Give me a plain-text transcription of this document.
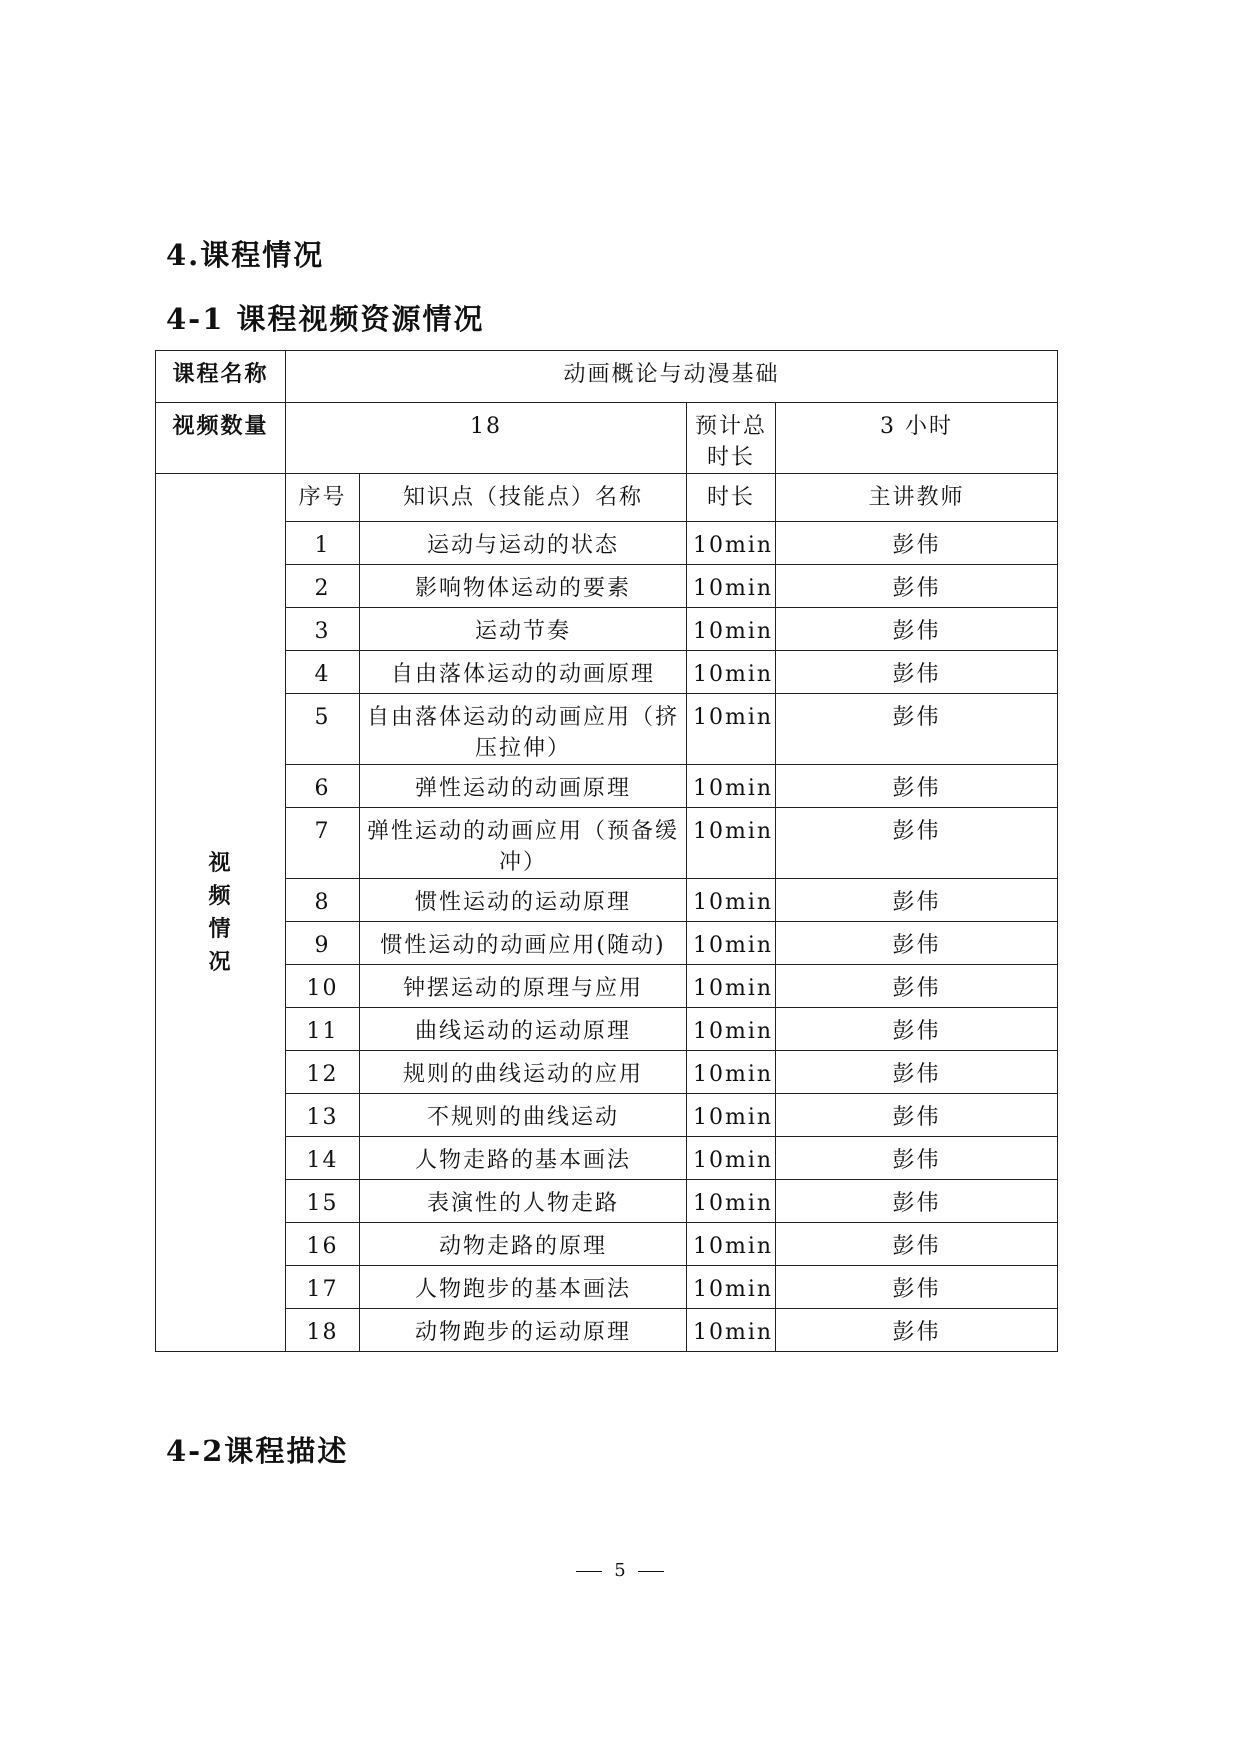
4.课程情况
4-1 课程视频资源情况
课程名称	动画概论与动漫基础			
视频数量	18		预计总时长	3 小时

视
频
情
况	序号	知识点（技能点）名称	时长	主讲教师
	1	运动与运动的状态	10min	彭伟
	2	影响物体运动的要素	10min	彭伟
	3	运动节奏	10min	彭伟
	4	自由落体运动的动画原理	10min	彭伟
	5	自由落体运动的动画应用（挤压拉伸）	10min	彭伟
	6	弹性运动的动画原理	10min	彭伟
	7	弹性运动的动画应用（预备缓冲）	10min	彭伟
	8	惯性运动的运动原理	10min	彭伟
	9	惯性运动的动画应用(随动)	10min	彭伟
	10	钟摆运动的原理与应用	10min	彭伟
	11	曲线运动的运动原理	10min	彭伟
	12	规则的曲线运动的应用	10min	彭伟
	13	不规则的曲线运动	10min	彭伟
	14	人物走路的基本画法	10min	彭伟
	15	表演性的人物走路	10min	彭伟
	16	动物走路的原理	10min	彭伟
	17	人物跑步的基本画法	10min	彭伟
	18	动物跑步的运动原理	10min	彭伟
4-2课程描述
5
